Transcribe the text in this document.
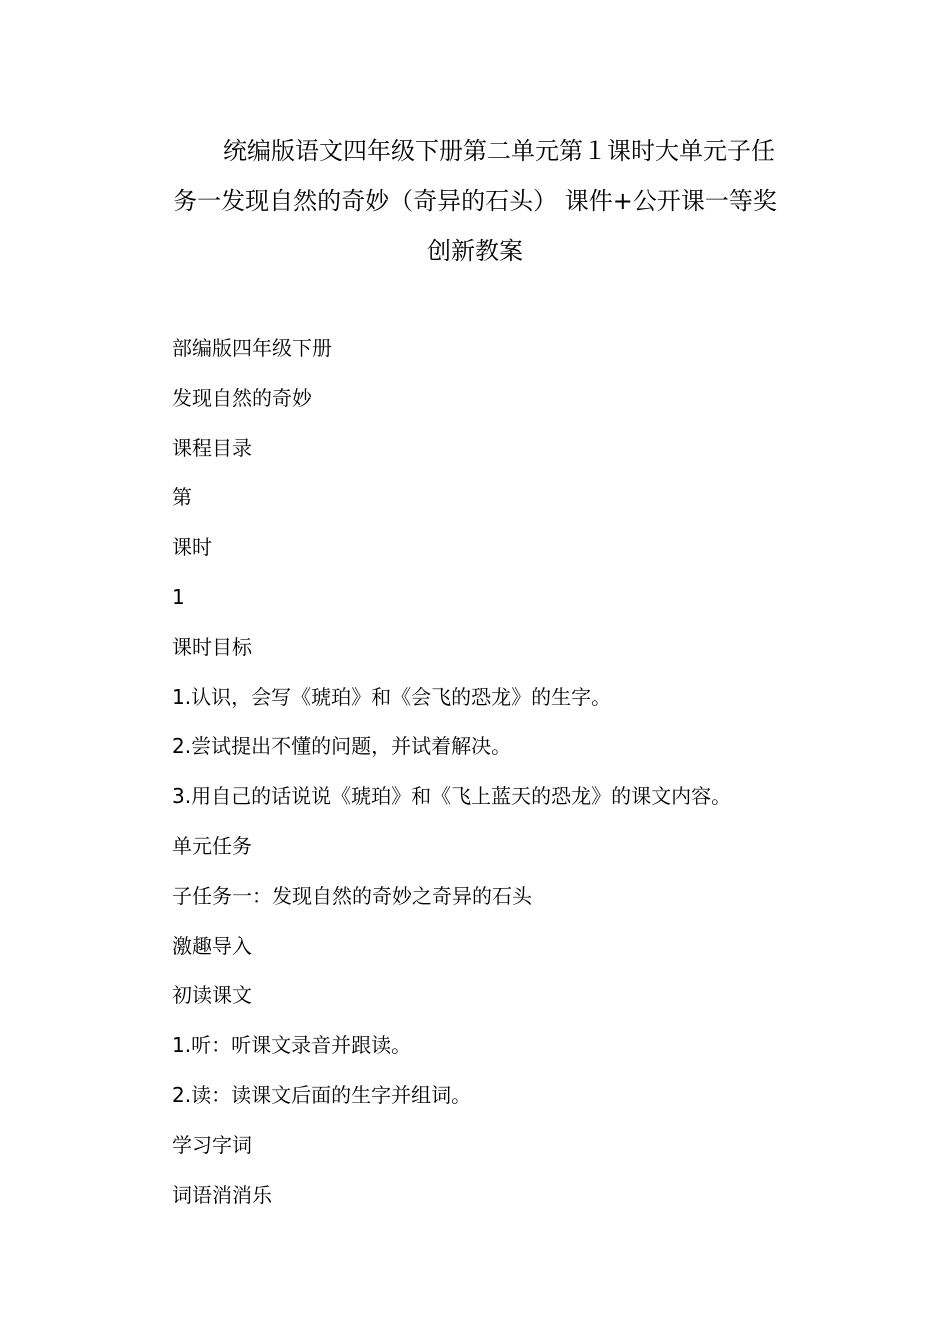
　　统编版语文四年级下册第二单元第１课时大单元子任
务一发现自然的奇妙（奇异的石头） 课件+公开课一等奖
创新教案
部编版四年级下册
发现自然的奇妙
课程目录
第
课时
1
课时目标
1.认识，会写《琥珀》和《会飞的恐龙》的生字。
2.尝试提出不懂的问题，并试着解决。
3.用自己的话说说《琥珀》和《飞上蓝天的恐龙》的课文内容。
单元任务
子任务一：发现自然的奇妙之奇异的石头
激趣导入
初读课文
1.听：听课文录音并跟读。
2.读：读课文后面的生字并组词。
学习字词
词语消消乐
